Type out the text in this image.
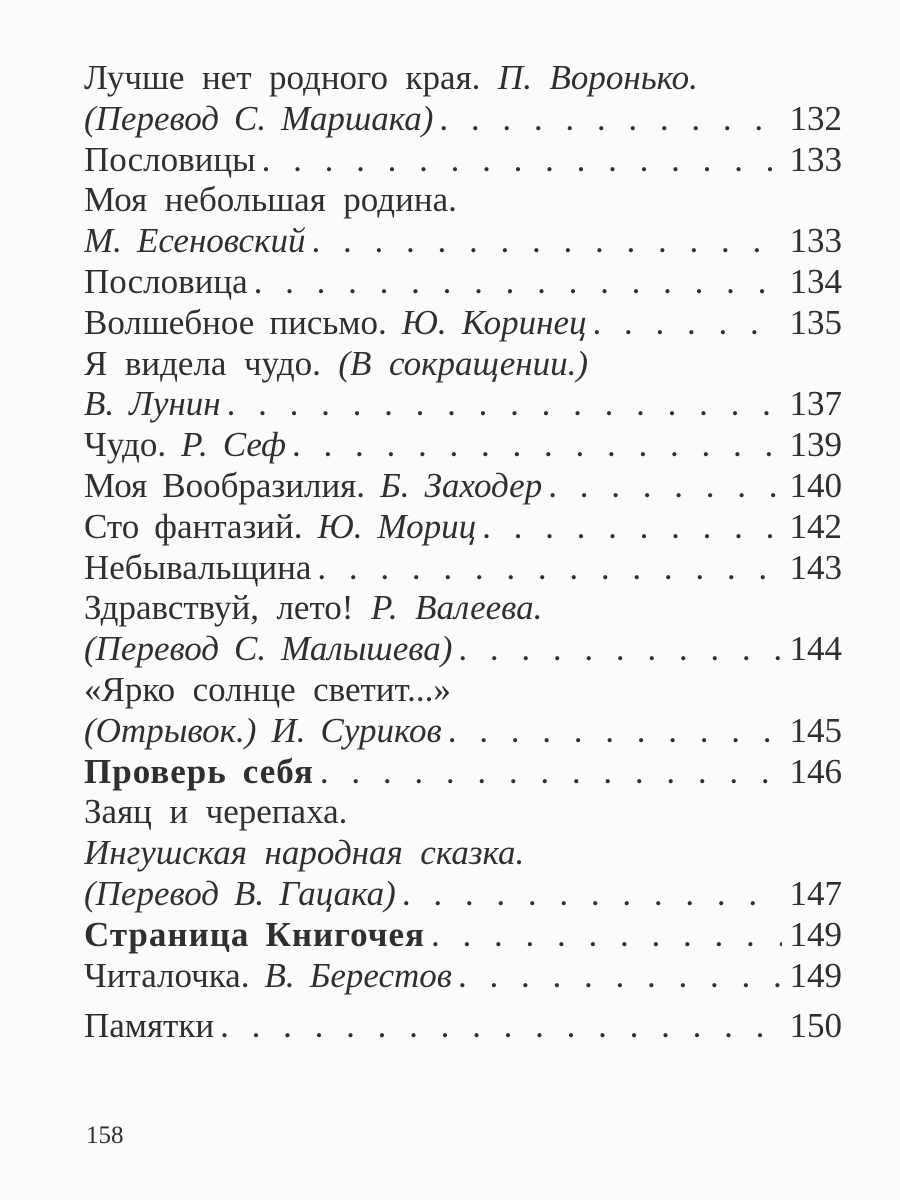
Лучше нет родного края. П. Воронько.
(Перевод С. Маршака) . . .	132
Пословицы . . .	133
Моя небольшая родина.
М. Есеновский . . .	133
Пословица . . .	134
Волшебное письмо. Ю. Коринец . . .	135
Я видела чудо. (В сокращении.)
В. Лунин . . .	137
Чудо. Р. Сеф . . .	139
Моя Вообразилия. Б. Заходер . . .	140
Сто фантазий. Ю. Мориц . . .	142
Небывальщина . . .	143
Здравствуй, лето! Р. Валеева.
(Перевод С. Малышева) . . .	144
«Ярко солнце светит...»
(Отрывок.) И. Суриков . . .	145
Проверь себя . . .	146
Заяц и черепаха.
Ингушская народная сказка.
(Перевод В. Гацака) . . .	147
Страница Книгочея . . .	149
Читалочка. В. Берестов . . .	149
Памятки . . .	150
158
